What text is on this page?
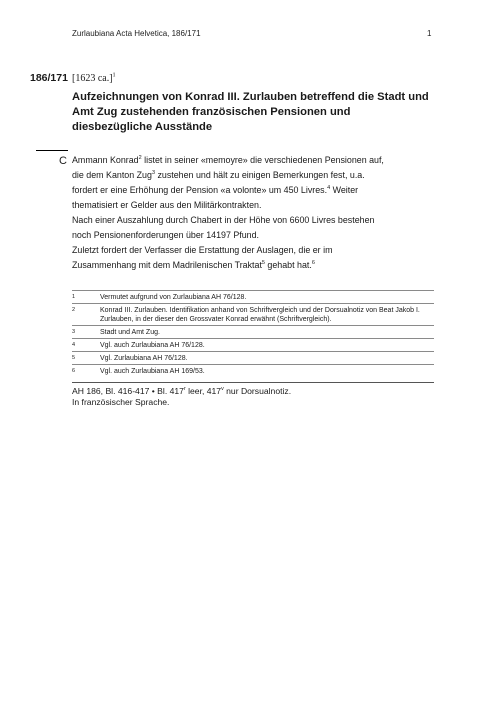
Zurlaubiana Acta Helvetica, 186/171	1
186/171 [1623 ca.]$^1$
Aufzeichnungen von Konrad III. Zurlauben betreffend die Stadt und Amt Zug zustehenden französischen Pensionen und diesbezügliche Ausstände
C Ammann Konrad$^2$ listet in seiner «memoyre» die verschiedenen Pensionen auf,
die dem Kanton Zug$^3$ zustehen und hält zu einigen Bemerkungen fest, u.a.
fordert er eine Erhöhung der Pension «a volonte» um 450 Livres.$^4$ Weiter
thematisiert er Gelder aus den Militärkontrakten.
Nach einer Auszahlung durch Chabert in der Höhe von 6600 Livres bestehen
noch Pensionenforderungen über 14197 Pfund.
Zuletzt fordert der Verfasser die Erstattung der Auslagen, die er im
Zusammenhang mit dem Madrilenischen Traktat$^5$ gehabt hat.$^6$
1	Vermutet aufgrund von Zurlaubiana AH 76/128.
2	Konrad III. Zurlauben. Identifikation anhand von Schriftvergleich und der Dorsualnotiz von Beat Jakob I. Zurlauben, in der dieser den Grossvater Konrad erwähnt (Schriftvergleich).
3	Stadt und Amt Zug.
4	Vgl. auch Zurlaubiana AH 76/128.
5	Vgl. Zurlaubiana AH 76/128.
6	Vgl. auch Zurlaubiana AH 169/53.
AH 186, Bl. 416-417 • Bl. 417$^r$ leer, 417$^v$ nur Dorsualnotiz.
In französischer Sprache.
